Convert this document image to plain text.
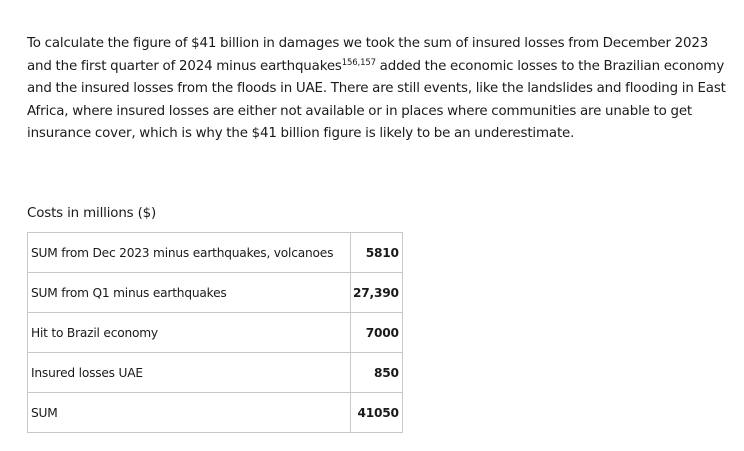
To calculate the figure of $41 billion in damages we took the sum of insured losses from December 2023 and the first quarter of 2024 minus earthquakes$^{156,157}$ added the economic losses to the Brazilian economy and the insured losses from the floods in UAE. There are still events, like the landslides and flooding in East Africa, where insured losses are either not available or in places where communities are unable to get insurance cover, which is why the $41 billion figure is likely to be an underestimate.

Costs in millions ($)

SUM from Dec 2023 minus earthquakes, volcanoes	5810
SUM from Q1 minus earthquakes	27,390
Hit to Brazil economy	7000
Insured losses UAE	850
SUM	41050
